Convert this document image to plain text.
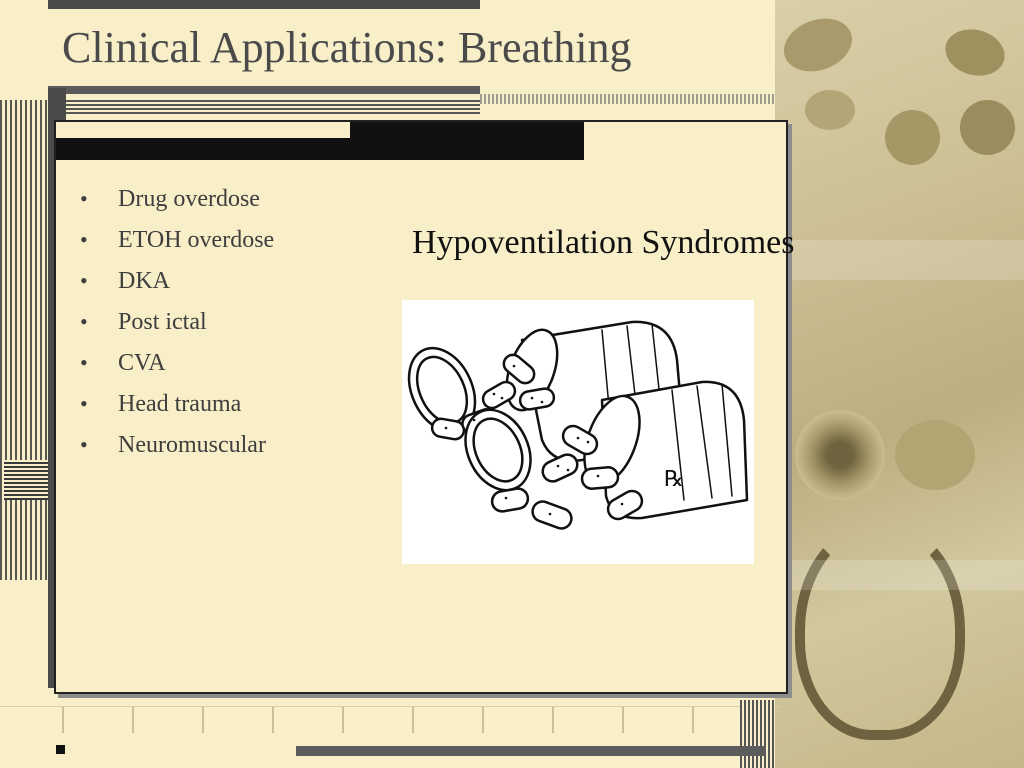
Clinical Applications: Breathing
• Drug overdose
• ETOH overdose
• DKA
• Post ictal
• CVA
• Head trauma
• Neuromuscular
Hypoventilation Syndromes
℞
